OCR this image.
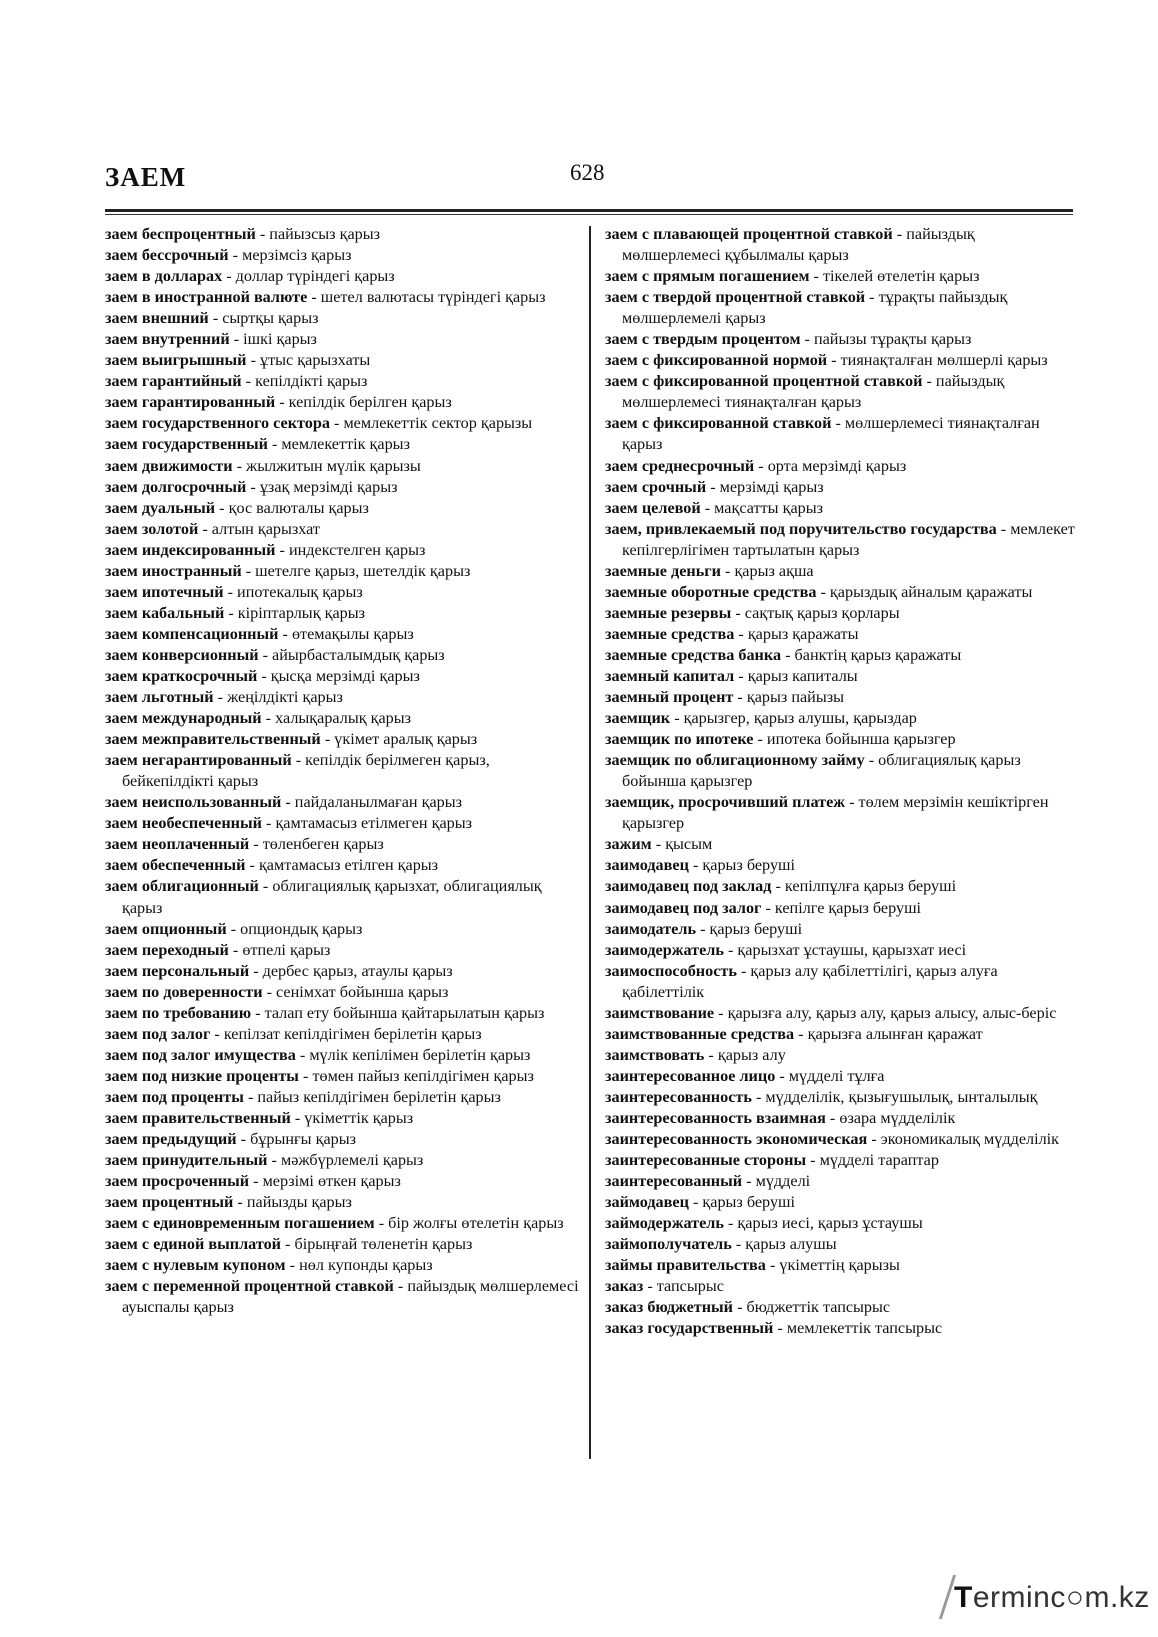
ЗАЕМ	628
заем беспроцентный - пайызсыз қарыз
заем бессрочный - мерзімсіз қарыз
заем в долларах - доллар түріндегі қарыз
заем в иностранной валюте - шетел валютасы түріндегі қарыз
заем внешний - сыртқы қарыз
заем внутренний - ішкі қарыз
заем выигрышный - ұтыс қарызхаты
заем гарантийный - кепілдікті қарыз
заем гарантированный - кепілдік берілген қарыз
заем государственного сектора - мемлекеттік сектор қарызы
заем государственный - мемлекеттік қарыз
заем движимости - жылжитын мүлік қарызы
заем долгосрочный - ұзақ мерзімді қарыз
заем дуальный - қос валюталы қарыз
заем золотой - алтын қарызхат
заем индексированный - индекстелген қарыз
заем иностранный - шетелге қарыз, шетелдік қарыз
заем ипотечный - ипотекалық қарыз
заем кабальный - кіріптарлық қарыз
заем компенсационный - өтемақылы қарыз
заем конверсионный - айырбасталымдық қарыз
заем краткосрочный - қысқа мерзімді қарыз
заем льготный - жеңілдікті қарыз
заем международный - халықаралық қарыз
заем межправительственный - үкімет аралық қарыз
заем негарантированный - кепілдік берілмеген қарыз, бейкепілдікті қарыз
заем неиспользованный - пайдаланылмаған қарыз
заем необеспеченный - қамтамасыз етілмеген қарыз
заем неоплаченный - төленбеген қарыз
заем обеспеченный - қамтамасыз етілген қарыз
заем облигационный - облигациялық қарызхат, облигациялық қарыз
заем опционный - опциондық қарыз
заем переходный - өтпелі қарыз
заем персональный - дербес қарыз, атаулы қарыз
заем по доверенности - сенімхат бойынша қарыз
заем по требованию - талап ету бойынша қайтарылатын қарыз
заем под залог - кепілзат кепілдігімен берілетін қарыз
заем под залог имущества - мүлік кепілімен берілетін қарыз
заем под низкие проценты - төмен пайыз кепілдігімен қарыз
заем под проценты - пайыз кепілдігімен берілетін қарыз
заем правительственный - үкіметтік қарыз
заем предыдущий - бұрынғы қарыз
заем принудительный - мәжбүрлемелі қарыз
заем просроченный - мерзімі өткен қарыз
заем процентный - пайызды қарыз
заем с единовременным погашением - бір жолғы өтелетін қарыз
заем с единой выплатой - бірыңғай төленетін қарыз
заем с нулевым купоном - нөл купонды қарыз
заем с переменной процентной ставкой - пайыздық мөлшерлемесі ауыспалы қарыз
заем с плавающей процентной ставкой - пайыздық мөлшерлемесі құбылмалы қарыз
заем с прямым погашением - тікелей өтелетін қарыз
заем с твердой процентной ставкой - тұрақты пайыздық мөлшерлемелі қарыз
заем с твердым процентом - пайызы тұрақты қарыз
заем с фиксированной нормой - тиянақталған мөлшерлі қарыз
заем с фиксированной процентной ставкой - пайыздық мөлшерлемесі тиянақталған қарыз
заем с фиксированной ставкой - мөлшерлемесі тиянақталған қарыз
заем среднесрочный - орта мерзімді қарыз
заем срочный - мерзімді қарыз
заем целевой - мақсатты қарыз
заем, привлекаемый под поручительство государства - мемлекет кепілгерлігімен тартылатын қарыз
заемные деньги - қарыз ақша
заемные оборотные средства - қарыздық айналым қаражаты
заемные резервы - сақтық қарыз қорлары
заемные средства - қарыз қаражаты
заемные средства банка - банктің қарыз қаражаты
заемный капитал - қарыз капиталы
заемный процент - қарыз пайызы
заемщик - қарызгер, қарыз алушы, қарыздар
заемщик по ипотеке - ипотека бойынша қарызгер
заемщик по облигационному займу - облигациялық қарыз бойынша қарызгер
заемщик, просрочивший платеж - төлем мерзімін кешіктірген қарызгер
зажим - қысым
заимодавец - қарыз беруші
заимодавец под заклад - кепілпұлға қарыз беруші
заимодавец под залог - кепілге қарыз беруші
заимодатель - қарыз беруші
заимодержатель - қарызхат ұстаушы, қарызхат иесі
заимоспособность - қарыз алу қабілеттілігі, қарыз алуға қабілеттілік
заимствование - қарызға алу, қарыз алу, қарыз алысу, алыс-беріс
заимствованные средства - қарызға алынған қаражат
заимствовать - қарыз алу
заинтересованное лицо - мүдделі тұлға
заинтересованность - мүдделілік, қызығушылық, ынталылық
заинтересованность взаимная - өзара мүдделілік
заинтересованность экономическая - экономикалық мүдделілік
заинтересованные стороны - мүдделі тараптар
заинтересованный - мүдделі
займодавец - қарыз беруші
займодержатель - қарыз иесі, қарыз ұстаушы
займополучатель - қарыз алушы
займы правительства - үкіметтің қарызы
заказ - тапсырыс
заказ бюджетный - бюджеттік тапсырыс
заказ государственный - мемлекеттік тапсырыс
Terminc○m.kz
